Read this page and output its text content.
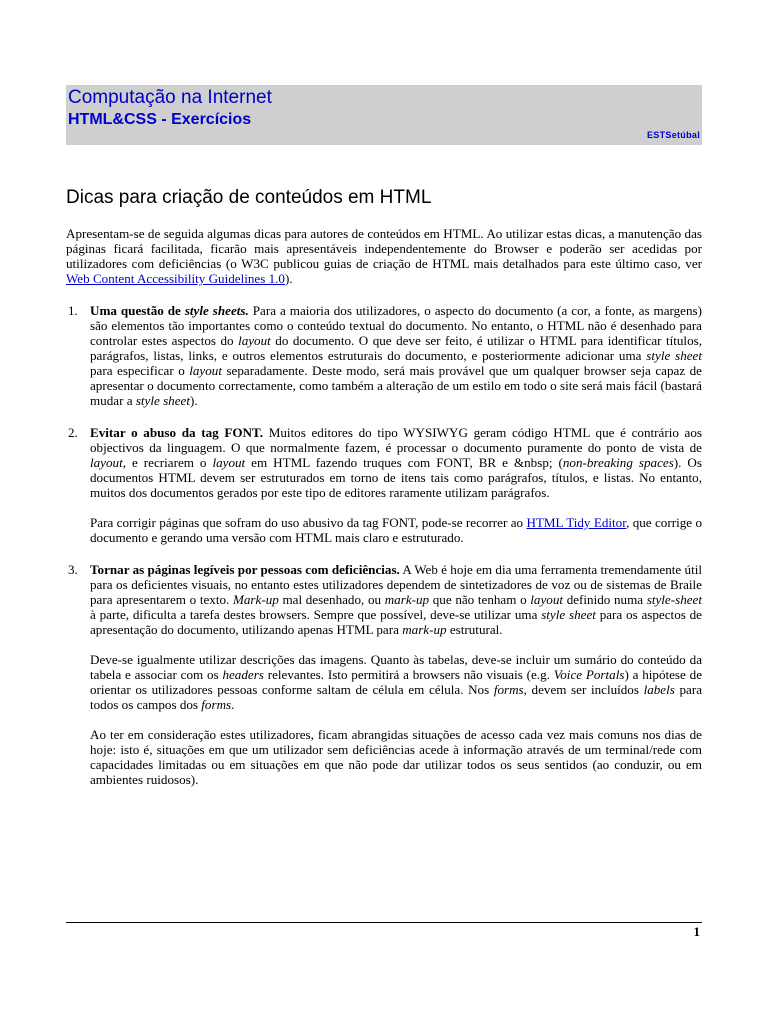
Computação na Internet
HTML&CSS - Exercícios
ESTSetúbal
Dicas para criação de conteúdos em HTML

Apresentam-se de seguida algumas dicas para autores de conteúdos em HTML. Ao utilizar estas dicas, a manutenção das páginas ficará facilitada, ficarão mais apresentáveis independentemente do Browser e poderão ser acedidas por utilizadores com deficiências (o W3C publicou guias de criação de HTML mais detalhados para este último caso, ver Web Content Accessibility Guidelines 1.0).

1. Uma questão de style sheets. Para a maioria dos utilizadores, o aspecto do documento (a cor, a fonte, as margens) são elementos tão importantes como o conteúdo textual do documento. No entanto, o HTML não é desenhado para controlar estes aspectos do layout do documento. O que deve ser feito, é utilizar o HTML para identificar títulos, parágrafos, listas, links, e outros elementos estruturais do documento, e posteriormente adicionar uma style sheet para especificar o layout separadamente. Deste modo, será mais provável que um qualquer browser seja capaz de apresentar o documento correctamente, como também a alteração de um estilo em todo o site será mais fácil (bastará mudar a style sheet).

2. Evitar o abuso da tag FONT. Muitos editores do tipo WYSIWYG geram código HTML que é contrário aos objectivos da linguagem. O que normalmente fazem, é processar o documento puramente do ponto de vista de layout, e recriarem o layout em HTML fazendo truques com FONT, BR e &nbsp; (non-breaking spaces). Os documentos HTML devem ser estruturados em torno de itens tais como parágrafos, títulos, e listas. No entanto, muitos dos documentos gerados por este tipo de editores raramente utilizam parágrafos.

Para corrigir páginas que sofram do uso abusivo da tag FONT, pode-se recorrer ao HTML Tidy Editor, que corrige o documento e gerando uma versão com HTML mais claro e estruturado.

3. Tornar as páginas legíveis por pessoas com deficiências. A Web é hoje em dia uma ferramenta tremendamente útil para os deficientes visuais, no entanto estes utilizadores dependem de sintetizadores de voz ou de sistemas de Braile para apresentarem o texto. Mark-up mal desenhado, ou mark-up que não tenham o layout definido numa style-sheet à parte, dificulta a tarefa destes browsers. Sempre que possível, deve-se utilizar uma style sheet para os aspectos de apresentação do documento, utilizando apenas HTML para mark-up estrutural.

Deve-se igualmente utilizar descrições das imagens. Quanto às tabelas, deve-se incluir um sumário do conteúdo da tabela e associar com os headers relevantes. Isto permitirá a browsers não visuais (e.g. Voice Portals) a hipótese de orientar os utilizadores pessoas conforme saltam de célula em célula. Nos forms, devem ser incluídos labels para todos os campos dos forms.

Ao ter em consideração estes utilizadores, ficam abrangidas situações de acesso cada vez mais comuns nos dias de hoje: isto é, situações em que um utilizador sem deficiências acede à informação através de um terminal/rede com capacidades limitadas ou em situações em que não pode dar utilizar todos os seus sentidos (ao conduzir, ou em ambientes ruidosos).

1
